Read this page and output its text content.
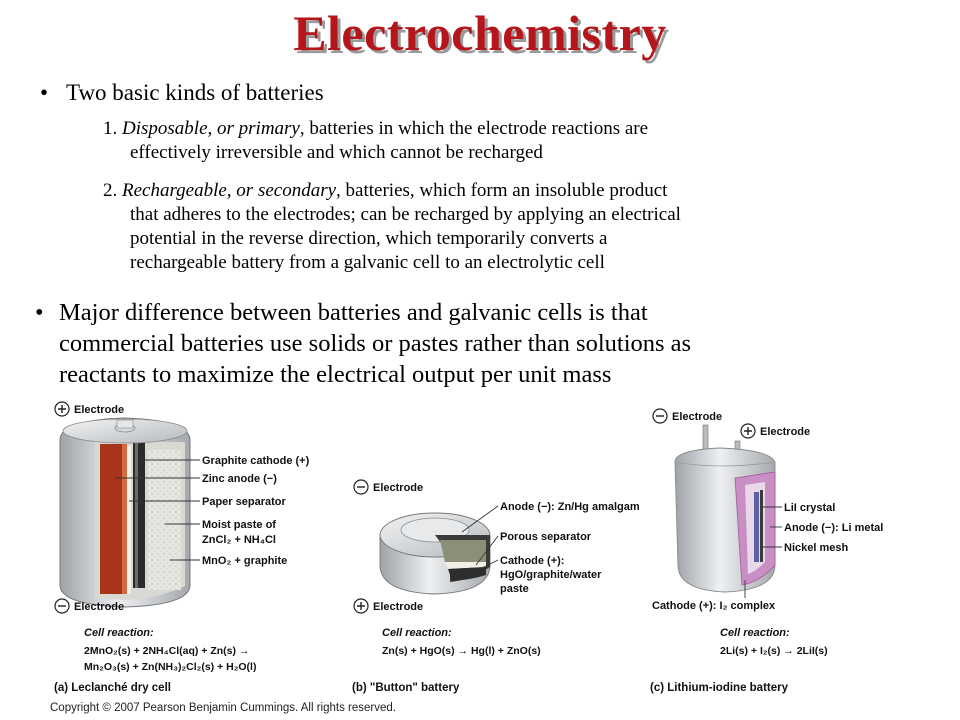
Electrochemistry
• Two basic kinds of batteries
1. Disposable, or primary, batteries in which the electrode reactions are
effectively irreversible and which cannot be recharged
2. Rechargeable, or secondary, batteries, which form an insoluble product
that adheres to the electrodes; can be recharged by applying an electrical
potential in the reverse direction, which temporarily converts a
rechargeable battery from a galvanic cell to an electrolytic cell
• Major difference between batteries and galvanic cells is that
commercial batteries use solids or pastes rather than solutions as
reactants to maximize the electrical output per unit mass
Electrode
Graphite cathode (+)
Zinc anode (−)
Paper separator
Moist paste of
ZnCl₂ + NH₄Cl
MnO₂ + graphite
Electrode
Cell reaction:
2MnO₂(s) + 2NH₄Cl(aq) + Zn(s) →
Mn₂O₃(s) + Zn(NH₃)₂Cl₂(s) + H₂O(l)
(a) Leclanché dry cell
Electrode
Anode (−): Zn/Hg amalgam
Porous separator
Cathode (+):
HgO/graphite/water
paste
Electrode
Cell reaction:
Zn(s) + HgO(s) → Hg(l) + ZnO(s)
(b) "Button" battery
Electrode
Electrode
LiI crystal
Anode (−): Li metal
Nickel mesh
Cathode (+): I₂ complex
Cell reaction:
2Li(s) + I₂(s) → 2LiI(s)
(c) Lithium-iodine battery
Copyright © 2007 Pearson Benjamin Cummings. All rights reserved.
